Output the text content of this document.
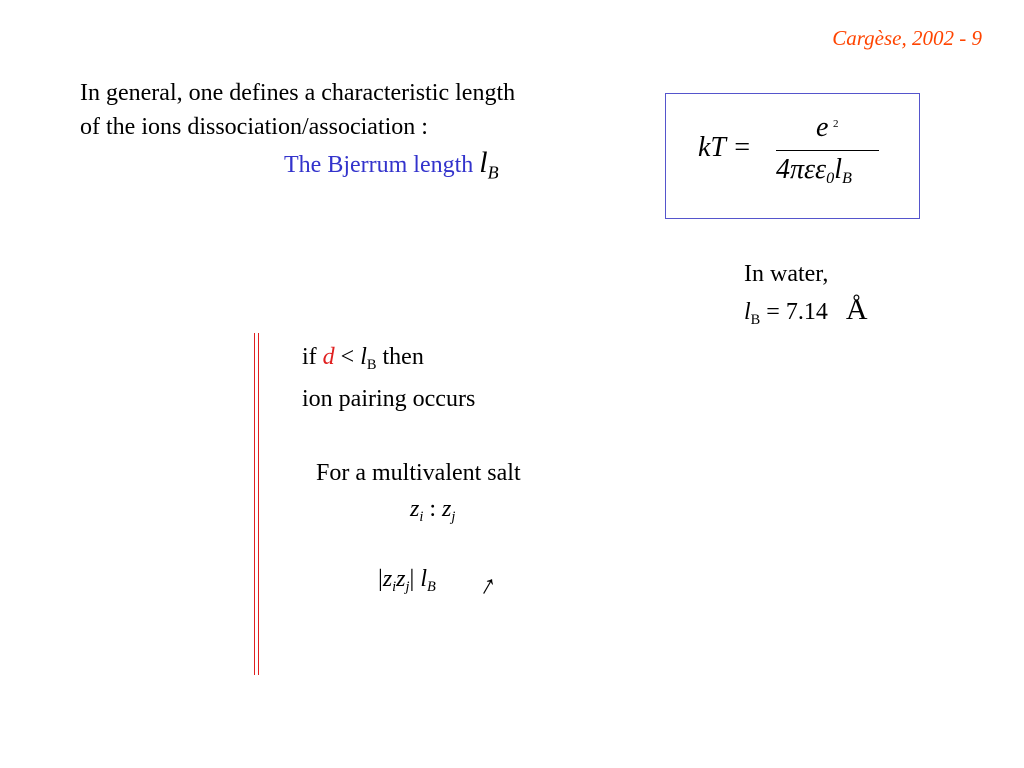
Cargèse, 2002 - 9
In general, one defines a characteristic length
of the ions dissociation/association :
The Bjerrum length $l_B$
kT =
e 2
$4\pi\varepsilon\varepsilon_0l_B$
In water,
$l_B = 7.14$ Å
if $d < l_B$ then
ion pairing occurs
For a multivalent salt
$z_i$ : $z_j$
$|z_iz_j|$ $l_B$ ↑
